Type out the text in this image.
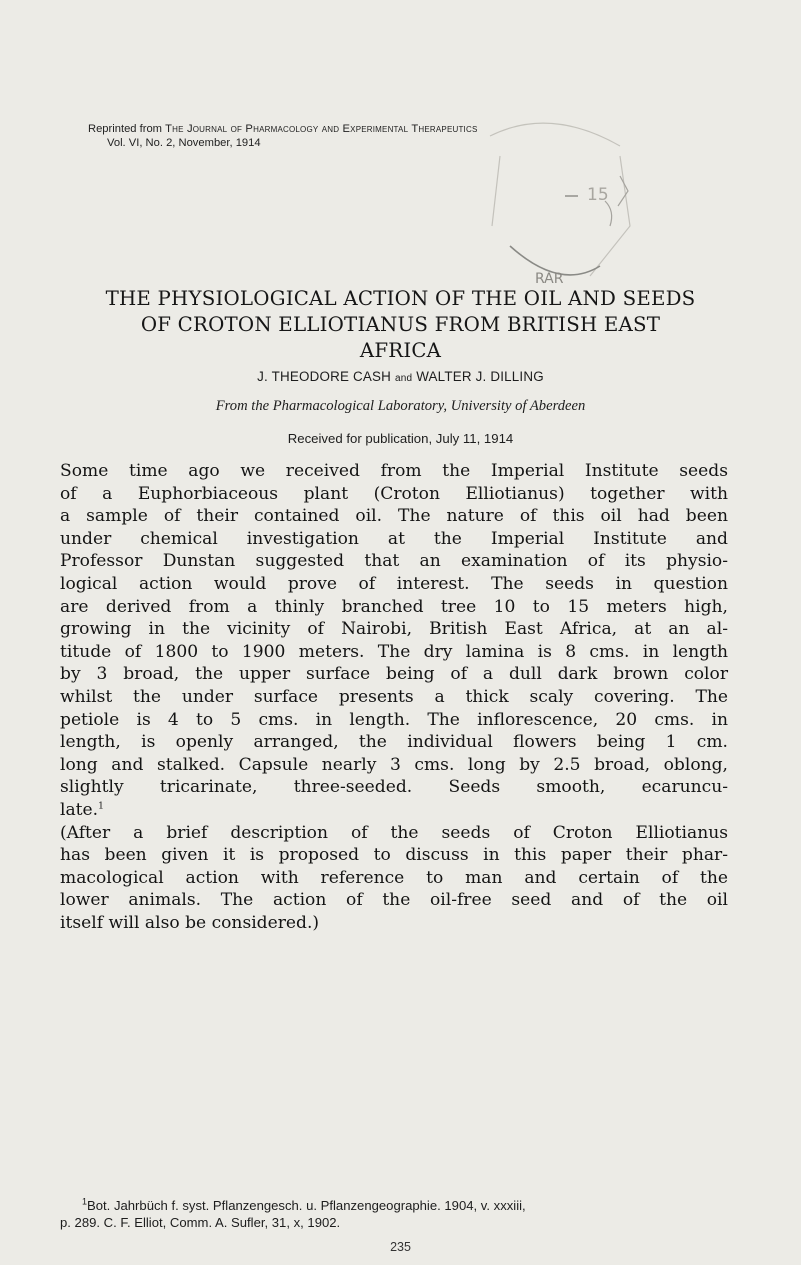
Reprinted from The Journal of Pharmacology and Experimental Therapeutics
Vol. VI, No. 2, November, 1914
15
RAR
THE PHYSIOLOGICAL ACTION OF THE OIL AND SEEDS
OF CROTON ELLIOTIANUS FROM BRITISH EAST
AFRICA
J. THEODORE CASH and WALTER J. DILLING
From the Pharmacological Laboratory, University of Aberdeen
Received for publication, July 11, 1914
Some time ago we received from the Imperial Institute seeds
of a Euphorbiaceous plant (Croton Elliotianus) together with
a sample of their contained oil. The nature of this oil had been
under chemical investigation at the Imperial Institute and
Professor Dunstan suggested that an examination of its physio-
logical action would prove of interest. The seeds in question
are derived from a thinly branched tree 10 to 15 meters high,
growing in the vicinity of Nairobi, British East Africa, at an al-
titude of 1800 to 1900 meters. The dry lamina is 8 cms. in length
by 3 broad, the upper surface being of a dull dark brown color
whilst the under surface presents a thick scaly covering. The
petiole is 4 to 5 cms. in length. The inflorescence, 20 cms. in
length, is openly arranged, the individual flowers being 1 cm.
long and stalked. Capsule nearly 3 cms. long by 2.5 broad, oblong,
slightly tricarinate, three-seeded. Seeds smooth, ecaruncu-
late.$^1$
(After a brief description of the seeds of Croton Elliotianus
has been given it is proposed to discuss in this paper their phar-
macological action with reference to man and certain of the
lower animals. The action of the oil-free seed and of the oil
itself will also be considered.)
$^1$Bot. Jahrbüch f. syst. Pflanzengesch. u. Pflanzengeographie. 1904, v. xxxiii,
p. 289. C. F. Elliot, Comm. A. Sufler, 31, x, 1902.
235
